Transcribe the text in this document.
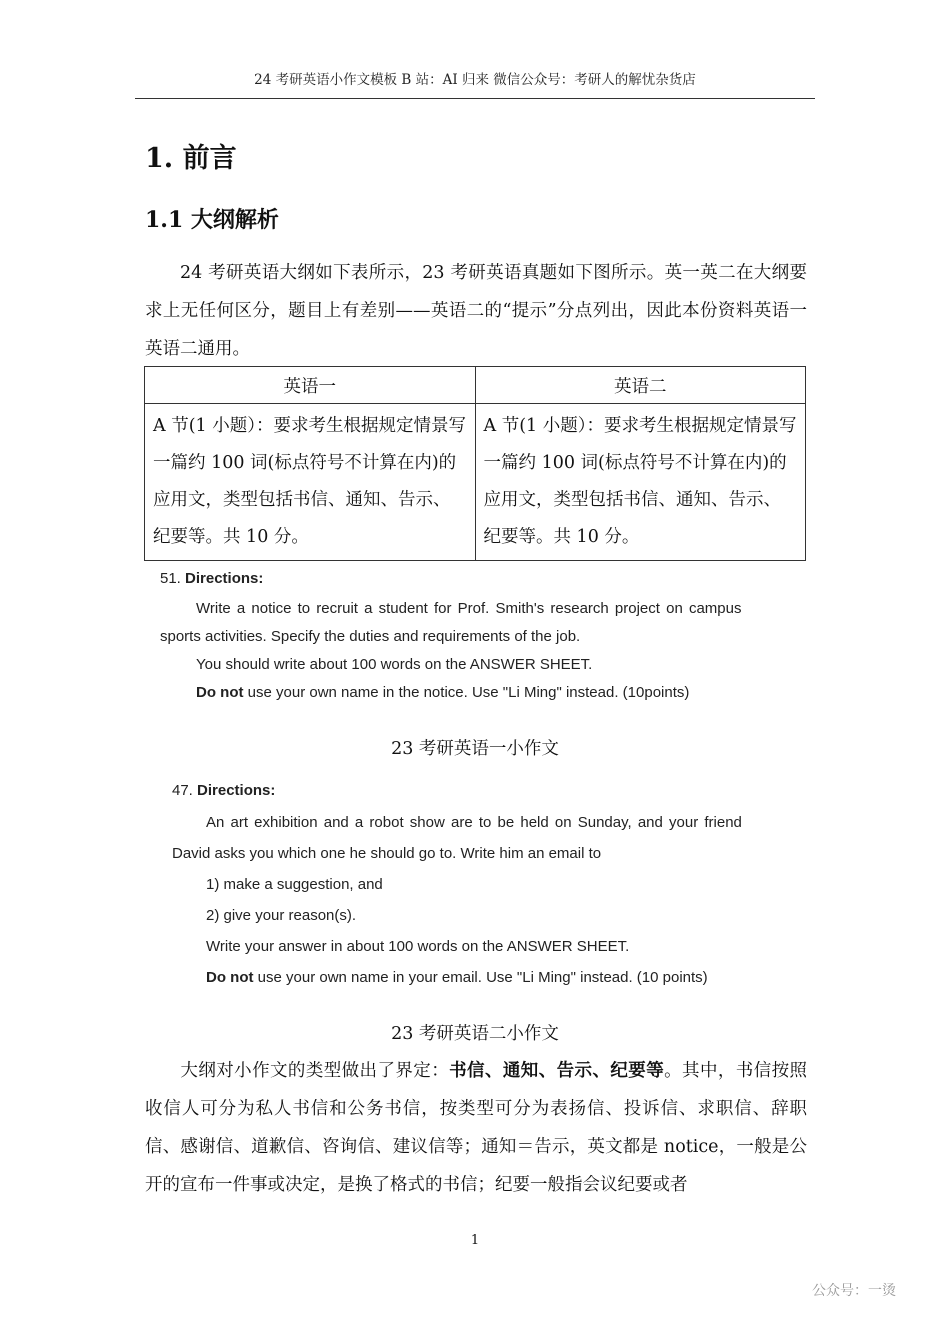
24 考研英语小作文模板 B 站：AI 归来 微信公众号：考研人的解忧杂货店
1. 前言
1.1 大纲解析
24 考研英语大纲如下表所示，23 考研英语真题如下图所示。英一英二在大纲要求上无任何区分，题目上有差别——英语二的“提示”分点列出，因此本份资料英语一英语二通用。
英语一	英语二
A 节(1 小题）：要求考生根据规定情景写一篇约 100 词(标点符号不计算在内)的应用文，类型包括书信、通知、告示、纪要等。共 10 分。	A 节(1 小题）：要求考生根据规定情景写一篇约 100 词(标点符号不计算在内)的应用文，类型包括书信、通知、告示、纪要等。共 10 分。
51. Directions:
Write a notice to recruit a student for Prof. Smith's research project on campus
sports activities. Specify the duties and requirements of the job.
You should write about 100 words on the ANSWER SHEET.
Do not use your own name in the notice. Use "Li Ming" instead. (10points)
23 考研英语一小作文
47. Directions:
An art exhibition and a robot show are to be held on Sunday, and your friend
David asks you which one he should go to. Write him an email to
1) make a suggestion, and
2) give your reason(s).
Write your answer in about 100 words on the ANSWER SHEET.
Do not use your own name in your email. Use "Li Ming" instead. (10 points)
23 考研英语二小作文
大纲对小作文的类型做出了界定：书信、通知、告示、纪要等。其中，书信按照收信人可分为私人书信和公务书信，按类型可分为表扬信、投诉信、求职信、辞职信、感谢信、道歉信、咨询信、建议信等；通知＝告示，英文都是 notice，一般是公开的宣布一件事或决定，是换了格式的书信；纪要一般指会议纪要或者
1
公众号：一烫
